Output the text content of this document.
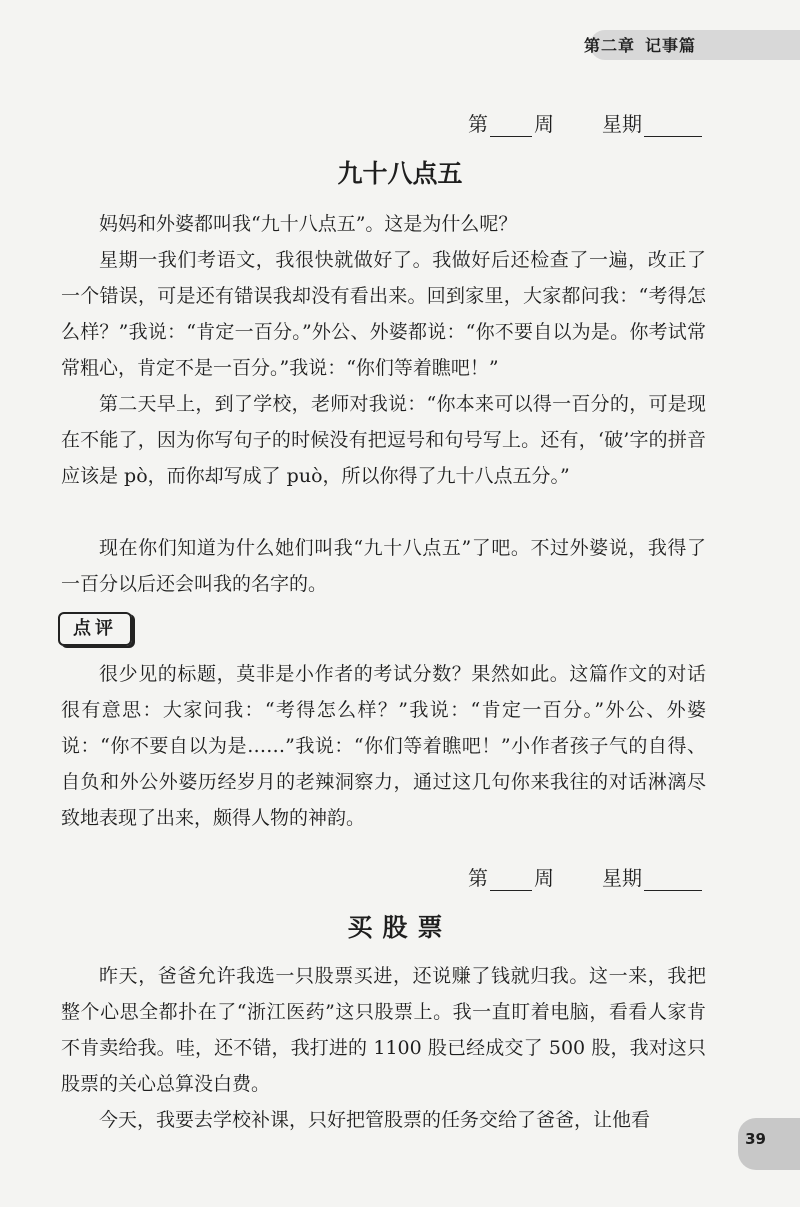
第二章 记事篇
第 周 星期
九十八点五

妈妈和外婆都叫我“九十八点五”。这是为什么呢？

星期一我们考语文，我很快就做好了。我做好后还检查了一遍，改正了一个错误，可是还有错误我却没有看出来。回到家里，大家都问我：“考得怎么样？”我说：“肯定一百分。”外公、外婆都说：“你不要自以为是。你考试常常粗心，肯定不是一百分。”我说：“你们等着瞧吧！”

第二天早上，到了学校，老师对我说：“你本来可以得一百分的，可是现在不能了，因为你写句子的时候没有把逗号和句号写上。还有，‘破’字的拼音应该是 pò，而你却写成了 può，所以你得了九十八点五分。”

现在你们知道为什么她们叫我“九十八点五”了吧。不过外婆说，我得了一百分以后还会叫我的名字的。

点评

很少见的标题，莫非是小作者的考试分数？果然如此。这篇作文的对话很有意思：大家问我：“考得怎么样？”我说：“肯定一百分。”外公、外婆说：“你不要自以为是……”我说：“你们等着瞧吧！”小作者孩子气的自得、自负和外公外婆历经岁月的老辣洞察力，通过这几句你来我往的对话淋漓尽致地表现了出来，颇得人物的神韵。

第 周 星期
买股票

昨天，爸爸允许我选一只股票买进，还说赚了钱就归我。这一来，我把整个心思全都扑在了“浙江医药”这只股票上。我一直盯着电脑，看看人家肯不肯卖给我。哇，还不错，我打进的 1100 股已经成交了 500 股，我对这只股票的关心总算没白费。

今天，我要去学校补课，只好把管股票的任务交给了爸爸，让他看

39
